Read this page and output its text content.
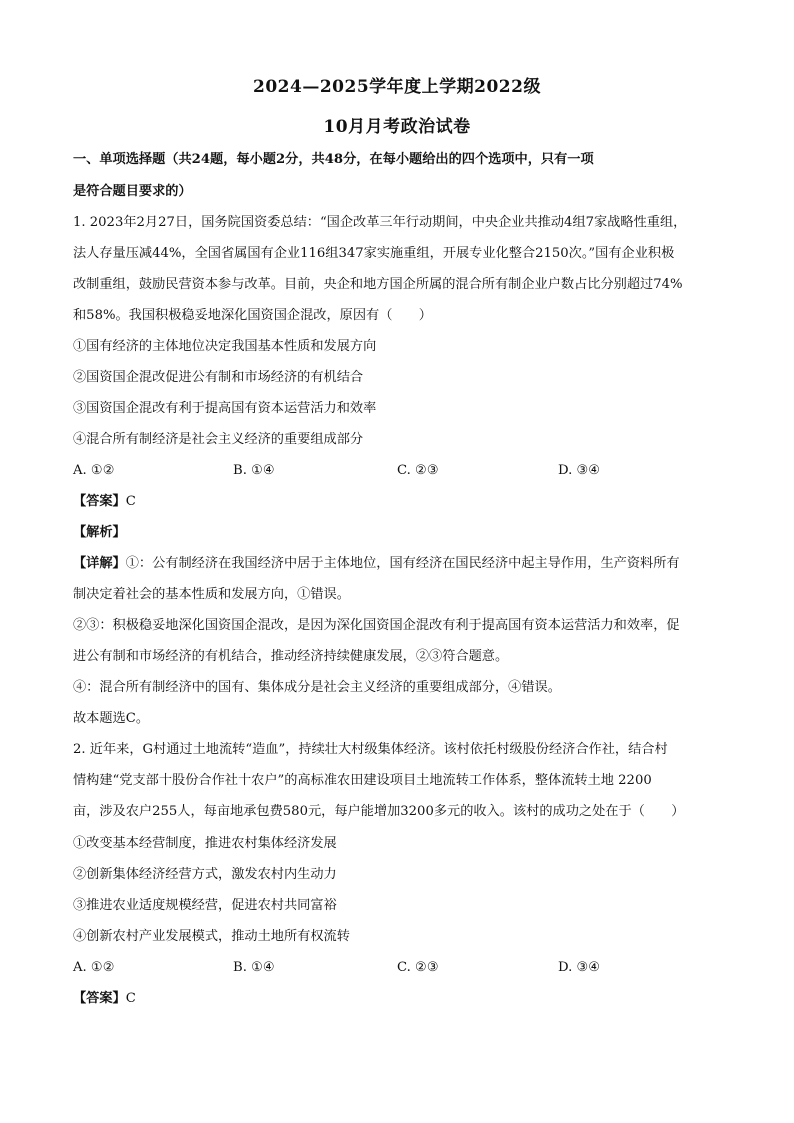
2024—2025学年度上学期2022级
10月月考政治试卷
一、单项选择题（共24题，每小题2分，共48分，在每小题给出的四个选项中，只有一项
是符合题目要求的）
1. 2023年2月27日，国务院国资委总结：“国企改革三年行动期间，中央企业共推动4组7家战略性重组，
法人存量压减44%，全国省属国有企业116组347家实施重组，开展专业化整合2150次。”国有企业积极
改制重组，鼓励民营资本参与改革。目前，央企和地方国企所属的混合所有制企业户数占比分别超过74%
和58%。我国积极稳妥地深化国资国企混改，原因有（　　）
①国有经济的主体地位决定我国基本性质和发展方向
②国资国企混改促进公有制和市场经济的有机结合
③国资国企混改有利于提高国有资本运营活力和效率
④混合所有制经济是社会主义经济的重要组成部分
A. ①②	B. ①④	C. ②③	D. ③④
【答案】C
【解析】
【详解】①：公有制经济在我国经济中居于主体地位，国有经济在国民经济中起主导作用，生产资料所有
制决定着社会的基本性质和发展方向，①错误。
②③：积极稳妥地深化国资国企混改，是因为深化国资国企混改有利于提高国有资本运营活力和效率，促
进公有制和市场经济的有机结合，推动经济持续健康发展，②③符合题意。
④：混合所有制经济中的国有、集体成分是社会主义经济的重要组成部分，④错误。
故本题选C。
2. 近年来，G村通过土地流转“造血”，持续壮大村级集体经济。该村依托村级股份经济合作社，结合村
情构建“党支部十股份合作社十农户”的高标准农田建设项目土地流转工作体系，整体流转土地 2200
亩，涉及农户255人，每亩地承包费580元，每户能增加3200多元的收入。该村的成功之处在于（　　）
①改变基本经营制度，推进农村集体经济发展
②创新集体经济经营方式，激发农村内生动力
③推进农业适度规模经营，促进农村共同富裕
④创新农村产业发展模式，推动土地所有权流转
A. ①②	B. ①④	C. ②③	D. ③④
【答案】C
